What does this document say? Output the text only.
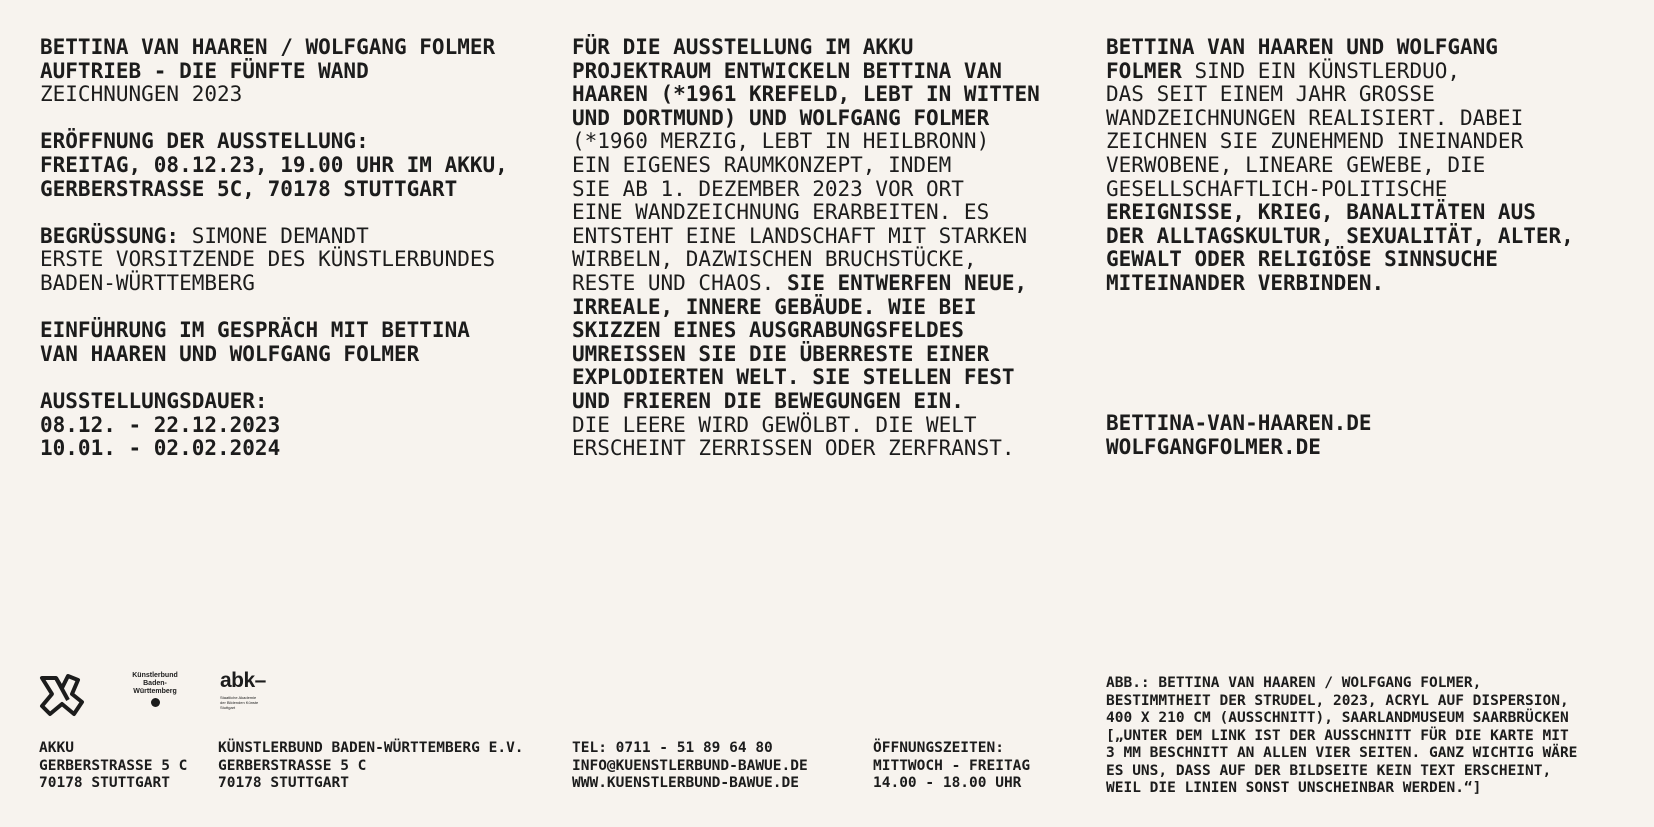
BETTINA VAN HAAREN / WOLFGANG FOLMER
AUFTRIEB - DIE FÜNFTE WAND
ZEICHNUNGEN 2023
ERÖFFNUNG DER AUSSTELLUNG:
FREITAG, 08.12.23, 19.00 UHR IM AKKU,
GERBERSTRASSE 5C, 70178 STUTTGART
BEGRÜSSUNG: SIMONE DEMANDT
ERSTE VORSITZENDE DES KÜNSTLERBUNDES
BADEN-WÜRTTEMBERG
EINFÜHRUNG IM GESPRÄCH MIT BETTINA
VAN HAAREN UND WOLFGANG FOLMER
AUSSTELLUNGSDAUER:
08.12. - 22.12.2023
10.01. - 02.02.2024
FÜR DIE AUSSTELLUNG IM AKKU
PROJEKTRAUM ENTWICKELN BETTINA VAN
HAAREN (*1961 KREFELD, LEBT IN WITTEN
UND DORTMUND) UND WOLFGANG FOLMER
(*1960 MERZIG, LEBT IN HEILBRONN)
EIN EIGENES RAUMKONZEPT, INDEM
SIE AB 1. DEZEMBER 2023 VOR ORT
EINE WANDZEICHNUNG ERARBEITEN. ES
ENTSTEHT EINE LANDSCHAFT MIT STARKEN
WIRBELN, DAZWISCHEN BRUCHSTÜCKE,
RESTE UND CHAOS. SIE ENTWERFEN NEUE,
IRREALE, INNERE GEBÄUDE. WIE BEI
SKIZZEN EINES AUSGRABUNGSFELDES
UMREISSEN SIE DIE ÜBERRESTE EINER
EXPLODIERTEN WELT. SIE STELLEN FEST
UND FRIEREN DIE BEWEGUNGEN EIN.
DIE LEERE WIRD GEWÖLBT. DIE WELT
ERSCHEINT ZERRISSEN ODER ZERFRANST.
BETTINA VAN HAAREN UND WOLFGANG
FOLMER SIND EIN KÜNSTLERDUO,
DAS SEIT EINEM JAHR GROSSE
WANDZEICHNUNGEN REALISIERT. DABEI
ZEICHNEN SIE ZUNEHMEND INEINANDER
VERWOBENE, LINEARE GEWEBE, DIE
GESELLSCHAFTLICH-POLITISCHE
EREIGNISSE, KRIEG, BANALITÄTEN AUS
DER ALLTAGSKULTUR, SEXUALITÄT, ALTER,
GEWALT ODER RELIGIÖSE SINNSUCHE
MITEINANDER VERBINDEN.
BETTINA-VAN-HAAREN.DE
WOLFGANGFOLMER.DE
Künstlerbund
Baden-
Württemberg	abk–
Staatliche Akademie
der Bildenden Künste
Stuttgart
AKKU
GERBERSTRASSE 5 C
70178 STUTTGART
KÜNSTLERBUND BADEN-WÜRTTEMBERG E.V.
GERBERSTRASSE 5 C
70178 STUTTGART
TEL: 0711 - 51 89 64 80
INFO@KUENSTLERBUND-BAWUE.DE
WWW.KUENSTLERBUND-BAWUE.DE
ÖFFNUNGSZEITEN:
MITTWOCH - FREITAG
14.00 - 18.00 UHR
ABB.: BETTINA VAN HAAREN / WOLFGANG FOLMER,
BESTIMMTHEIT DER STRUDEL, 2023, ACRYL AUF DISPERSION,
400 X 210 CM (AUSSCHNITT), SAARLANDMUSEUM SAARBRÜCKEN
[„UNTER DEM LINK IST DER AUSSCHNITT FÜR DIE KARTE MIT
3 MM BESCHNITT AN ALLEN VIER SEITEN. GANZ WICHTIG WÄRE
ES UNS, DASS AUF DER BILDSEITE KEIN TEXT ERSCHEINT,
WEIL DIE LINIEN SONST UNSCHEINBAR WERDEN.“]
